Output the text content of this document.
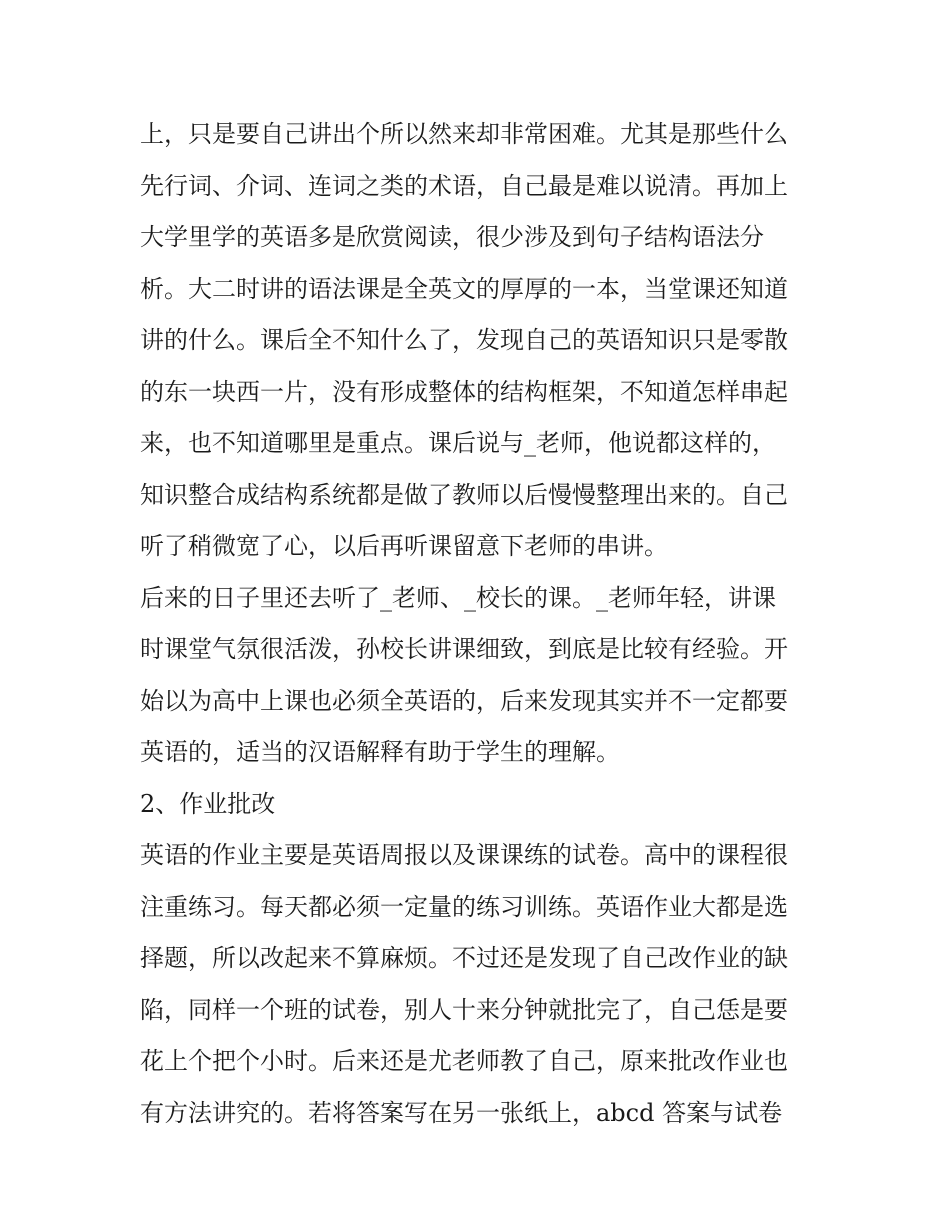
上，只是要自己讲出个所以然来却非常困难。尤其是那些什么
先行词、介词、连词之类的术语，自己最是难以说清。再加上
大学里学的英语多是欣赏阅读，很少涉及到句子结构语法分
析。大二时讲的语法课是全英文的厚厚的一本，当堂课还知道
讲的什么。课后全不知什么了，发现自己的英语知识只是零散
的东一块西一片，没有形成整体的结构框架，不知道怎样串起
来，也不知道哪里是重点。课后说与_老师，他说都这样的，
知识整合成结构系统都是做了教师以后慢慢整理出来的。自己
听了稍微宽了心，以后再听课留意下老师的串讲。
后来的日子里还去听了_老师、_校长的课。_老师年轻，讲课
时课堂气氛很活泼，孙校长讲课细致，到底是比较有经验。开
始以为高中上课也必须全英语的，后来发现其实并不一定都要
英语的，适当的汉语解释有助于学生的理解。
2、作业批改
英语的作业主要是英语周报以及课课练的试卷。高中的课程很
注重练习。每天都必须一定量的练习训练。英语作业大都是选
择题，所以改起来不算麻烦。不过还是发现了自己改作业的缺
陷，同样一个班的试卷，别人十来分钟就批完了，自己恁是要
花上个把个小时。后来还是尤老师教了自己，原来批改作业也
有方法讲究的。若将答案写在另一张纸上，abcd 答案与试卷
